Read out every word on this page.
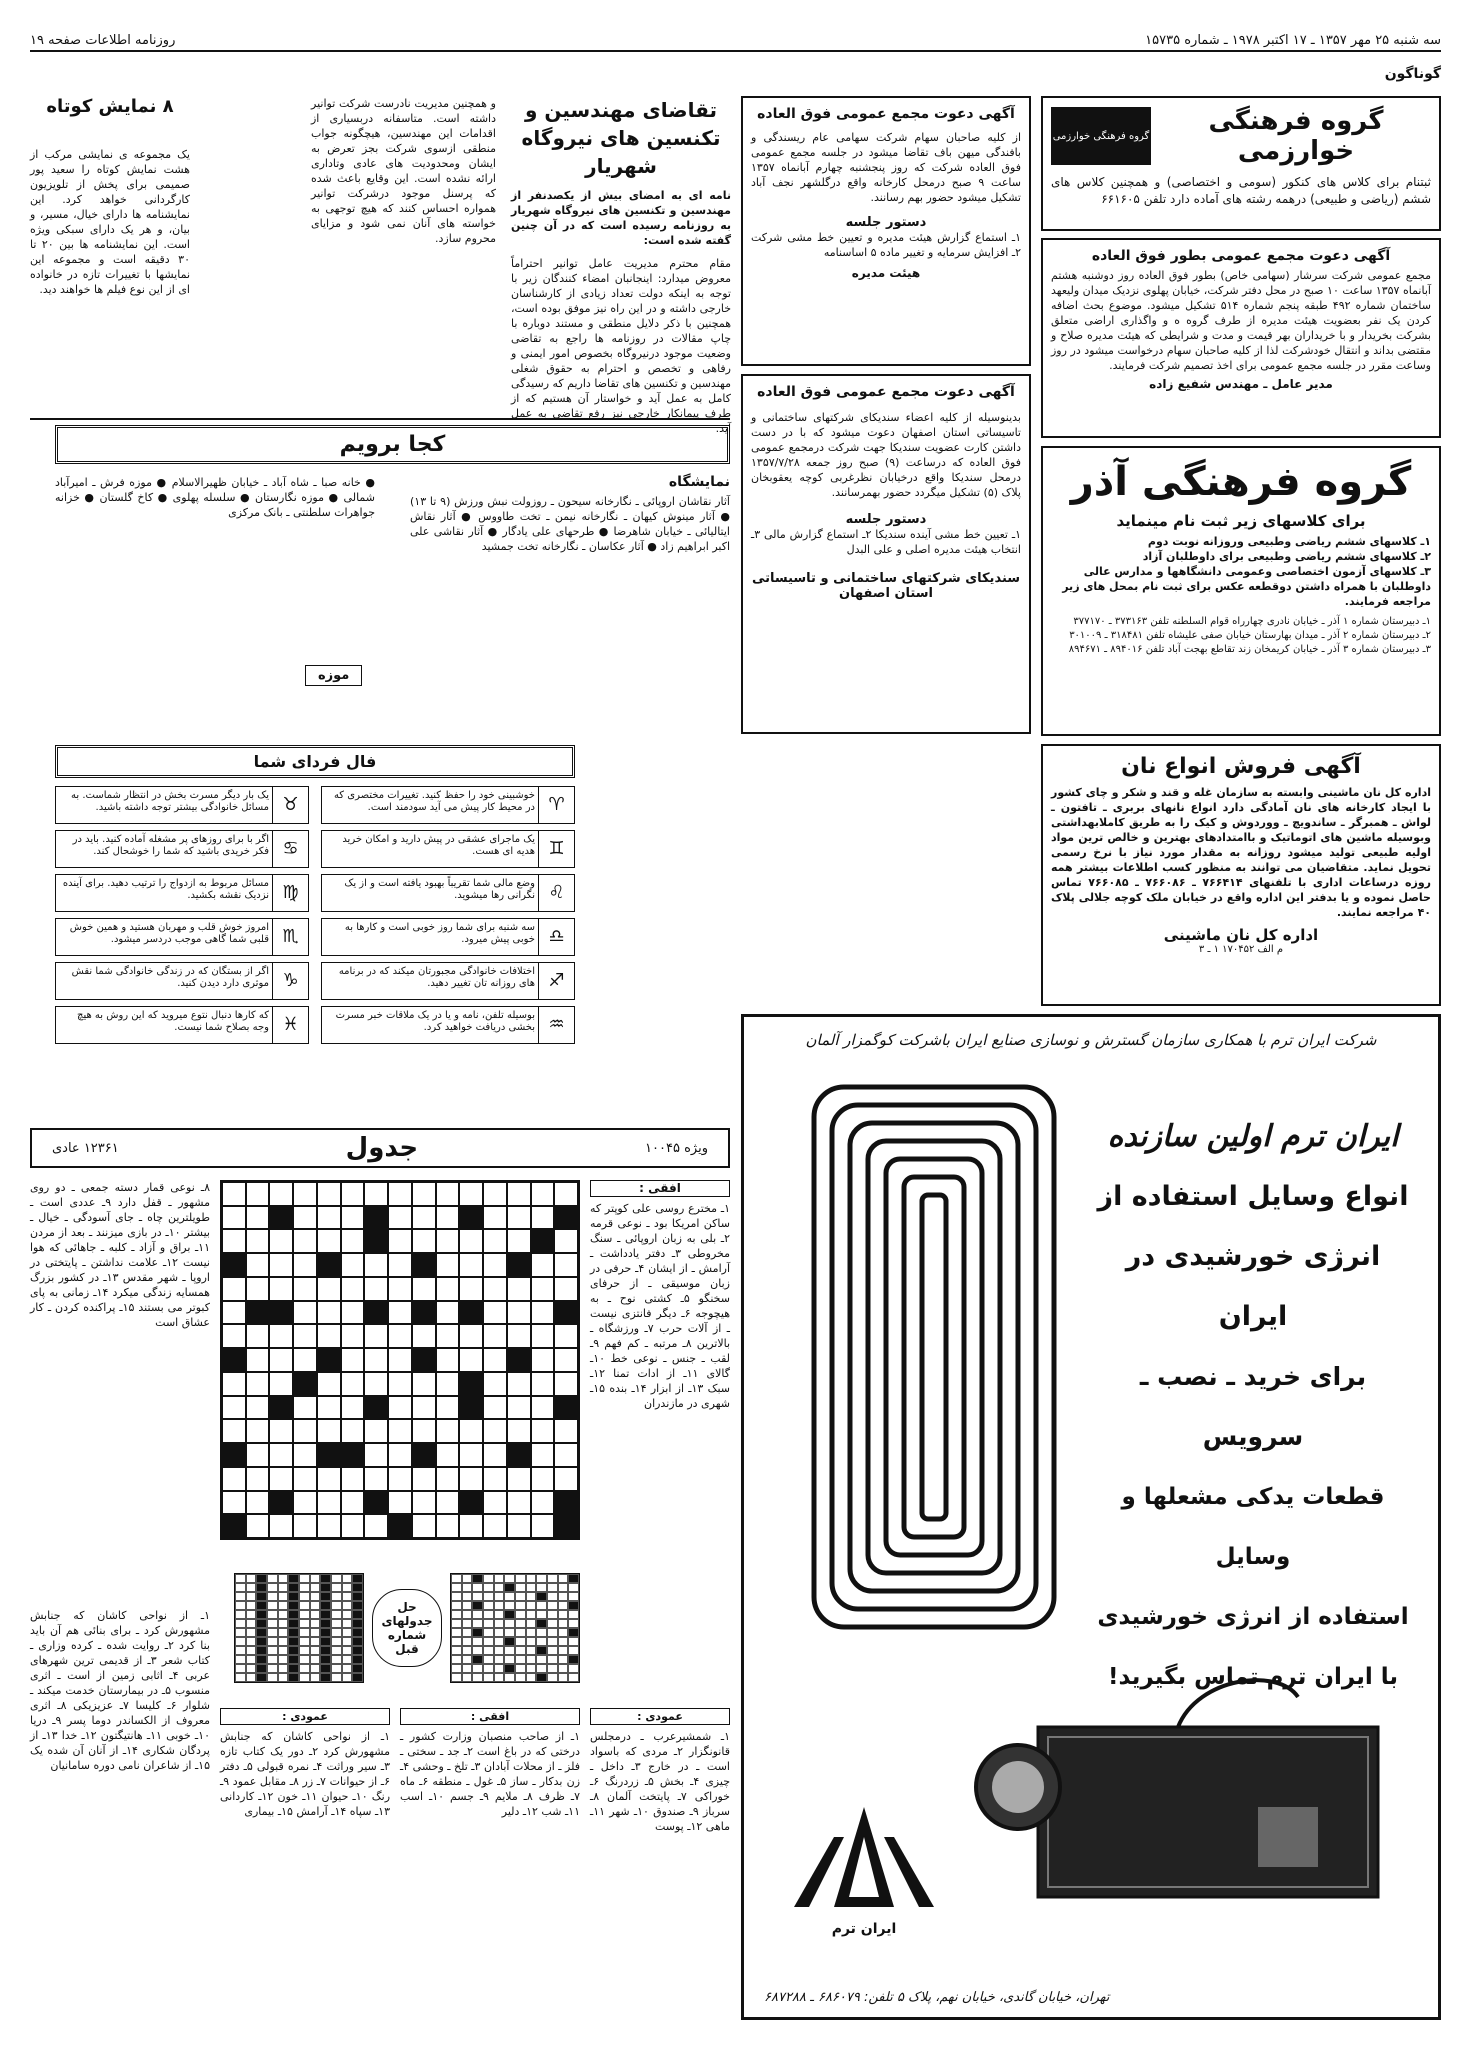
سه شنبه ۲۵ مهر ۱۳۵۷ ـ ۱۷ اکتبر ۱۹۷۸ ـ شماره ۱۵۷۳۵
روزنامه اطلاعات صفحه ۱۹
گوناگون
گروه فرهنگی خوارزمی
گروه فرهنگی خوارزمی
ثبتنام برای کلاس های کنکور (سومی و اختصاصی) و همچنین کلاس های ششم (ریاضی و طبیعی) درهمه رشته های آماده دارد تلفن ۶۶۱۶۰۵
آگهی دعوت مجمع عمومی بطور فوق العاده
مجمع عمومی شرکت سرشار (سهامی خاص) بطور فوق العاده روز دوشنبه هشتم آبانماه ۱۳۵۷ ساعت ۱۰ صبح در محل دفتر شرکت، خیابان پهلوی نزدیک میدان ولیعهد ساختمان شماره ۴۹۲ طبقه پنجم شماره ۵۱۴ تشکیل میشود. موضوع بحث اضافه کردن یک نفر بعضویت هیئت مدیره از طرف گروه ه و واگذاری اراضی متعلق بشرکت بخریدار و با خریداران بهر قیمت و مدت و شرایطی که هیئت مدیره صلاح و مقتضی بداند و انتقال خودشرکت لذا از کلیه صاحبان سهام درخواست میشود در روز وساعت مقرر در جلسه مجمع عمومی برای اخذ تصمیم شرکت فرمایند.
مدیر عامل ـ مهندس شفیع زاده
گروه فرهنگی آذر
برای کلاسهای زیر ثبت نام مینماید
۱ـ کلاسهای ششم ریاضی وطبیعی وروزانه نوبت دوم
۲ـ کلاسهای ششم ریاضی وطبیعی برای داوطلبان آزاد
۳ـ کلاسهای آزمون اختصاصی وعمومی دانشگاهها و مدارس عالی داوطلبان با همراه داشتن دوقطعه عکس برای ثبت نام بمحل های زیر مراجعه فرمایند.
۱ـ دبیرستان شماره ۱ آذر ـ خیابان نادری چهارراه قوام السلطنه تلفن ۳۷۳۱۶۳ ـ ۳۷۷۱۷۰
۲ـ دبیرستان شماره ۲ آذر ـ میدان بهارستان خیابان صفی علیشاه تلفن ۳۱۸۴۸۱ ـ ۳۰۱۰۰۹
۳ـ دبیرستان شماره ۳ آذر ـ خیابان کریمخان زند تقاطع بهجت آباد تلفن ۸۹۴۰۱۶ ـ ۸۹۴۶۷۱
آگهی فروش انواع نان
اداره کل نان ماشینی وابسته به سازمان غله و قند و شکر و چای کشور با ایجاد کارخانه های نان آمادگی دارد انواع نانهای بربری ـ تافتون ـ لواش ـ همبرگر ـ ساندویچ ـ ووردوش و کیک را به طریق کاملابهداشتی وبوسیله ماشین های اتوماتیک و باامتدادهای بهترین و خالص ترین مواد اولیه طبیعی تولید میشود روزانه به مقدار مورد نیاز با نرخ رسمی تحویل نماید. متقاضیان می توانند به منظور کسب اطلاعات بیشتر همه روزه درساعات اداری با تلفنهای ۷۶۶۴۱۴ ـ ۷۶۶۰۸۶ ـ ۷۶۶۰۸۵ تماس حاصل نموده و یا بدفتر این اداره واقع در خیابان ملک کوچه جلالی پلاک ۴۰ مراجعه نمایند.
اداره کل نان ماشینی
م الف ۱۷۰۴۵۲ ۱ ـ ۳
آگهی دعوت مجمع عمومی فوق العاده
از کلیه صاحبان سهام شرکت سهامی عام ریسندگی و بافندگی میهن باف تقاضا میشود در جلسه مجمع عمومی فوق العاده شرکت که روز پنجشنبه چهارم آبانماه ۱۳۵۷ ساعت ۹ صبح درمحل کارخانه واقع درگلشهر نجف آباد تشکیل میشود حضور بهم رسانند.
دستور جلسه
۱ـ استماع گزارش هیئت مدیره و تعیین خط مشی شرکت ۲ـ افزایش سرمایه و تغییر ماده ۵ اساسنامه
هیئت مدیره
آگهی دعوت مجمع عمومی فوق العاده
بدینوسیله از کلیه اعضاء سندیکای شرکتهای ساختمانی و تاسیساتی استان اصفهان دعوت میشود که با در دست داشتن کارت عضویت سندیکا جهت شرکت درمجمع عمومی فوق العاده که درساعت (۹) صبح روز جمعه ۱۳۵۷/۷/۲۸ درمحل سندیکا واقع درخیابان نظرغربی کوچه یعقوبخان پلاک (۵) تشکیل میگردد حضور بهمرسانند.
دستور جلسه
۱ـ تعیین خط مشی آینده سندیکا ۲ـ استماع گزارش مالی ۳ـ انتخاب هیئت مدیره اصلی و علی البدل
سندیکای شرکتهای ساختمانی و تاسیساتی استان اصفهان
تقاضای مهندسین و تکنسین های نیروگاه شهریار
نامه ای به امضای بیش از یکصدنفر از مهندسین و تکنسین های نیروگاه شهریار به روزنامه رسیده است که در آن چنین گفته شده است:
مقام محترم مدیریت عامل توانیر احتراماً معروض میدارد: اینجانبان امضاء کنندگان زیر با توجه به اینکه دولت تعداد زیادی از کارشناسان خارجی داشته و در این راه نیز موفق بوده است، همچنین با ذکر دلایل منطقی و مستند دوباره با چاپ مقالات در روزنامه ها راجع به تقاضی وضعیت موجود درنیروگاه بخصوص امور ایمنی و رفاهی و تخصص و احترام به حقوق شغلی مهندسین و تکنسین های تقاضا داریم که رسیدگی کامل به عمل آید و خواستار آن هستیم که از طرف پیمانکار خارجی نیز رفع تقاضی به عمل آید.
و همچنین مدیریت نادرست شرکت توانیر داشته است. متاسفانه دربسیاری از اقدامات این مهندسین، هیچگونه جواب منطقی ازسوی شرکت بجز تعرض به ایشان ومحدودیت های عادی وتاداری ارائه نشده است. این وقایع باعث شده که پرسنل موجود درشرکت توانیر همواره احساس کنند که هیچ توجهی به خواسته های آنان نمی شود و مزایای محروم سازد.
۸ نمایش کوتاه
یک مجموعه ی نمایشی مرکب از هشت نمایش کوتاه را سعید پور صمیمی برای پخش از تلویزیون کارگردانی خواهد کرد. این نمایشنامه ها دارای خیال، مسیر، و بیان، و هر یک دارای سبکی ویژه است. این نمایشنامه ها بین ۲۰ تا ۳۰ دقیقه است و مجموعه این نمایشها با تغییرات تازه در خانواده ای از این نوع فیلم ها خواهند دید.
کجا برویم
نمایشگاه
آثار نقاشان اروپائی ـ نگارخانه سیحون ـ روزولت نبش ورزش (۹ تا ۱۳) ● آثار مینوش کیهان ـ نگارخانه نیمن ـ تخت طاووس ● آثار نقاش ایتالیائی ـ خیابان شاهرضا ● طرحهای علی یادگار ● آثار نقاشی علی اکبر ابراهیم زاد ● آثار عکاسان ـ نگارخانه تخت جمشید
موزه
● خانه صبا ـ شاه آباد ـ خیابان ظهیرالاسلام ● موزه فرش ـ امیرآباد شمالی ● موزه نگارستان ● سلسله پهلوی ● کاخ گلستان ● خزانه جواهرات سلطنتی ـ بانک مرکزی
فال فردای شما
♈
خوشبینی خود را حفظ کنید. تغییرات مختصری که در محیط کار پیش می آید سودمند است.
♉
یک بار دیگر مسرت بخش در انتظار شماست. به مسائل خانوادگی بیشتر توجه داشته باشید.
♊
یک ماجرای عشقی در پیش دارید و امکان خرید هدیه ای هست.
♋
اگر با برای روزهای پر مشغله آماده کنید. باید در فکر خریدی باشید که شما را خوشحال کند.
♌
وضع مالی شما تقریباً بهبود یافته است و از یک نگرانی رها میشوید.
♍
مسائل مربوط به ازدواج را ترتیب دهید. برای آینده نزدیک نقشه بکشید.
♎
سه شنبه برای شما روز خوبی است و کارها به خوبی پیش میرود.
♏
امروز خوش قلب و مهربان هستید و همین خوش قلبی شما گاهی موجب دردسر میشود.
♐
اختلافات خانوادگی مجبورتان میکند که در برنامه های روزانه تان تغییر دهید.
♑
اگر از بستگان که در زندگی خانوادگی شما نقش موثری دارد دیدن کنید.
♒
بوسیله تلفن، نامه و یا در یک ملاقات خبر مسرت بخشی دریافت خواهید کرد.
♓
که کارها دنبال نتوع میروید که این روش به هیچ وجه بصلاح شما نیست.
ویژه ۱۰۰۴۵
جدول
۱۲۳۶۱ عادی
افقی :
۱ـ مخترع روسی علی کوپتر که ساکن امریکا بود ـ نوعی قرمه ۲ـ بلی به زبان اروپائی ـ سنگ مخروطی ۳ـ دفتر یادداشت ـ آرامش ـ از ایشان ۴ـ حرفی در زبان موسیقی ـ از حرفای سخنگو ۵ـ کشتی نوح ـ به هیچوجه ۶ـ دیگر فانتزی نیست ـ از آلات حرب ۷ـ ورزشگاه ـ بالاترین ۸ـ مرتبه ـ کم فهم ۹ـ لقب ـ جنس ـ نوعی خط ۱۰ـ گالای ۱۱ـ از ادات تمنا ۱۲ـ سبک ۱۳ـ از ابزار ۱۴ـ بنده ۱۵ـ شهری در مازندران
۸ـ نوعی قمار دسته جمعی ـ دو روی مشهور ـ قفل دارد ۹ـ عددی است ـ طویلترین چاه ـ جای آسودگی ـ خیال ـ بیشتر ۱۰ـ در بازی میزنند ـ بعد از مردن ۱۱ـ براق و آزاد ـ کلبه ـ جاهائی که هوا نیست ۱۲ـ علامت نداشتن ـ پایتختی در اروپا ـ شهر مقدس ۱۳ـ در کشور بزرگ همسایه زندگی میکرد ۱۴ـ زمانی به پای کبوتر می بستند ۱۵ـ پراکنده کردن ـ کار عشاق است
حل جدولهای شماره قبل
افقی :
۱ـ از صاحب منصبان وزارت کشور ـ درختی که در باغ است ۲ـ جد ـ سختی ـ فلز ـ از محلات آبادان ۳ـ تلخ ـ وحشی ۴ـ زن بدکار ـ ساز ۵ـ غول ـ منطقه ۶ـ ماه ۷ـ ظرف ۸ـ ملایم ۹ـ جسم ۱۰ـ اسب ۱۱ـ شب ۱۲ـ دلیر
عمودی :
۱ـ شمشیرعرب ـ درمجلس قانونگزار ۲ـ مردی که باسواد است ـ در خارج ۳ـ داخل ـ چیزی ۴ـ بخش ۵ـ زردرنگ ۶ـ خوراکی ۷ـ پایتخت آلمان ۸ـ سرباز ۹ـ صندوق ۱۰ـ شهر ۱۱ـ ماهی ۱۲ـ پوست
عمودی :
۱ـ از نواحی کاشان که جنابش مشهورش کرد ۲ـ دور یک کتاب تازه ۳ـ سیر وراثت ۴ـ نمره قبولی ۵ـ دفتر ۶ـ از حیوانات ۷ـ زر ۸ـ مقابل عمود ۹ـ رنگ ۱۰ـ حیوان ۱۱ـ خون ۱۲ـ کاردانی ۱۳ـ سپاه ۱۴ـ آرامش ۱۵ـ بیماری
۱ـ از نواحی کاشان که جنابش مشهورش کرد ـ برای بنائی هم آن باید بنا کرد ۲ـ روایت شده ـ کرده وزاری ـ کتاب شعر ۳ـ از قدیمی ترین شهرهای عربی ۴ـ اثابی زمین از است ـ اثری منسوب ۵ـ در بیمارستان خدمت میکند ـ شلوار ۶ـ کلیسا ۷ـ عزیزیکی ۸ـ اثری معروف از الکساندر دوما پسر ۹ـ دریا ۱۰ـ خوبی ۱۱ـ هانتیگتون ۱۲ـ خدا ۱۳ـ از پردگان شکاری ۱۴ـ از آنان آن شده یک ۱۵ـ از شاعران نامی دوره سامانیان
شرکت ایران ترم با همکاری سازمان گسترش و نوسازی صنایع ایران باشرکت کوگمزار آلمان
ایران ترم اولین سازنده
انواع وسایل استفاده از
انرژی خورشیدی در ایران
برای خرید ـ نصب ـ سرویس
قطعات یدکی مشعلها و وسایل
استفاده از انرژی خورشیدی
با ایران ترم تماس بگیرید!
ایران ترم
تهران، خیابان گاندی، خیابان نهم، پلاک ۵ تلفن: ۶۸۶۰۷۹ ـ ۶۸۷۲۸۸
